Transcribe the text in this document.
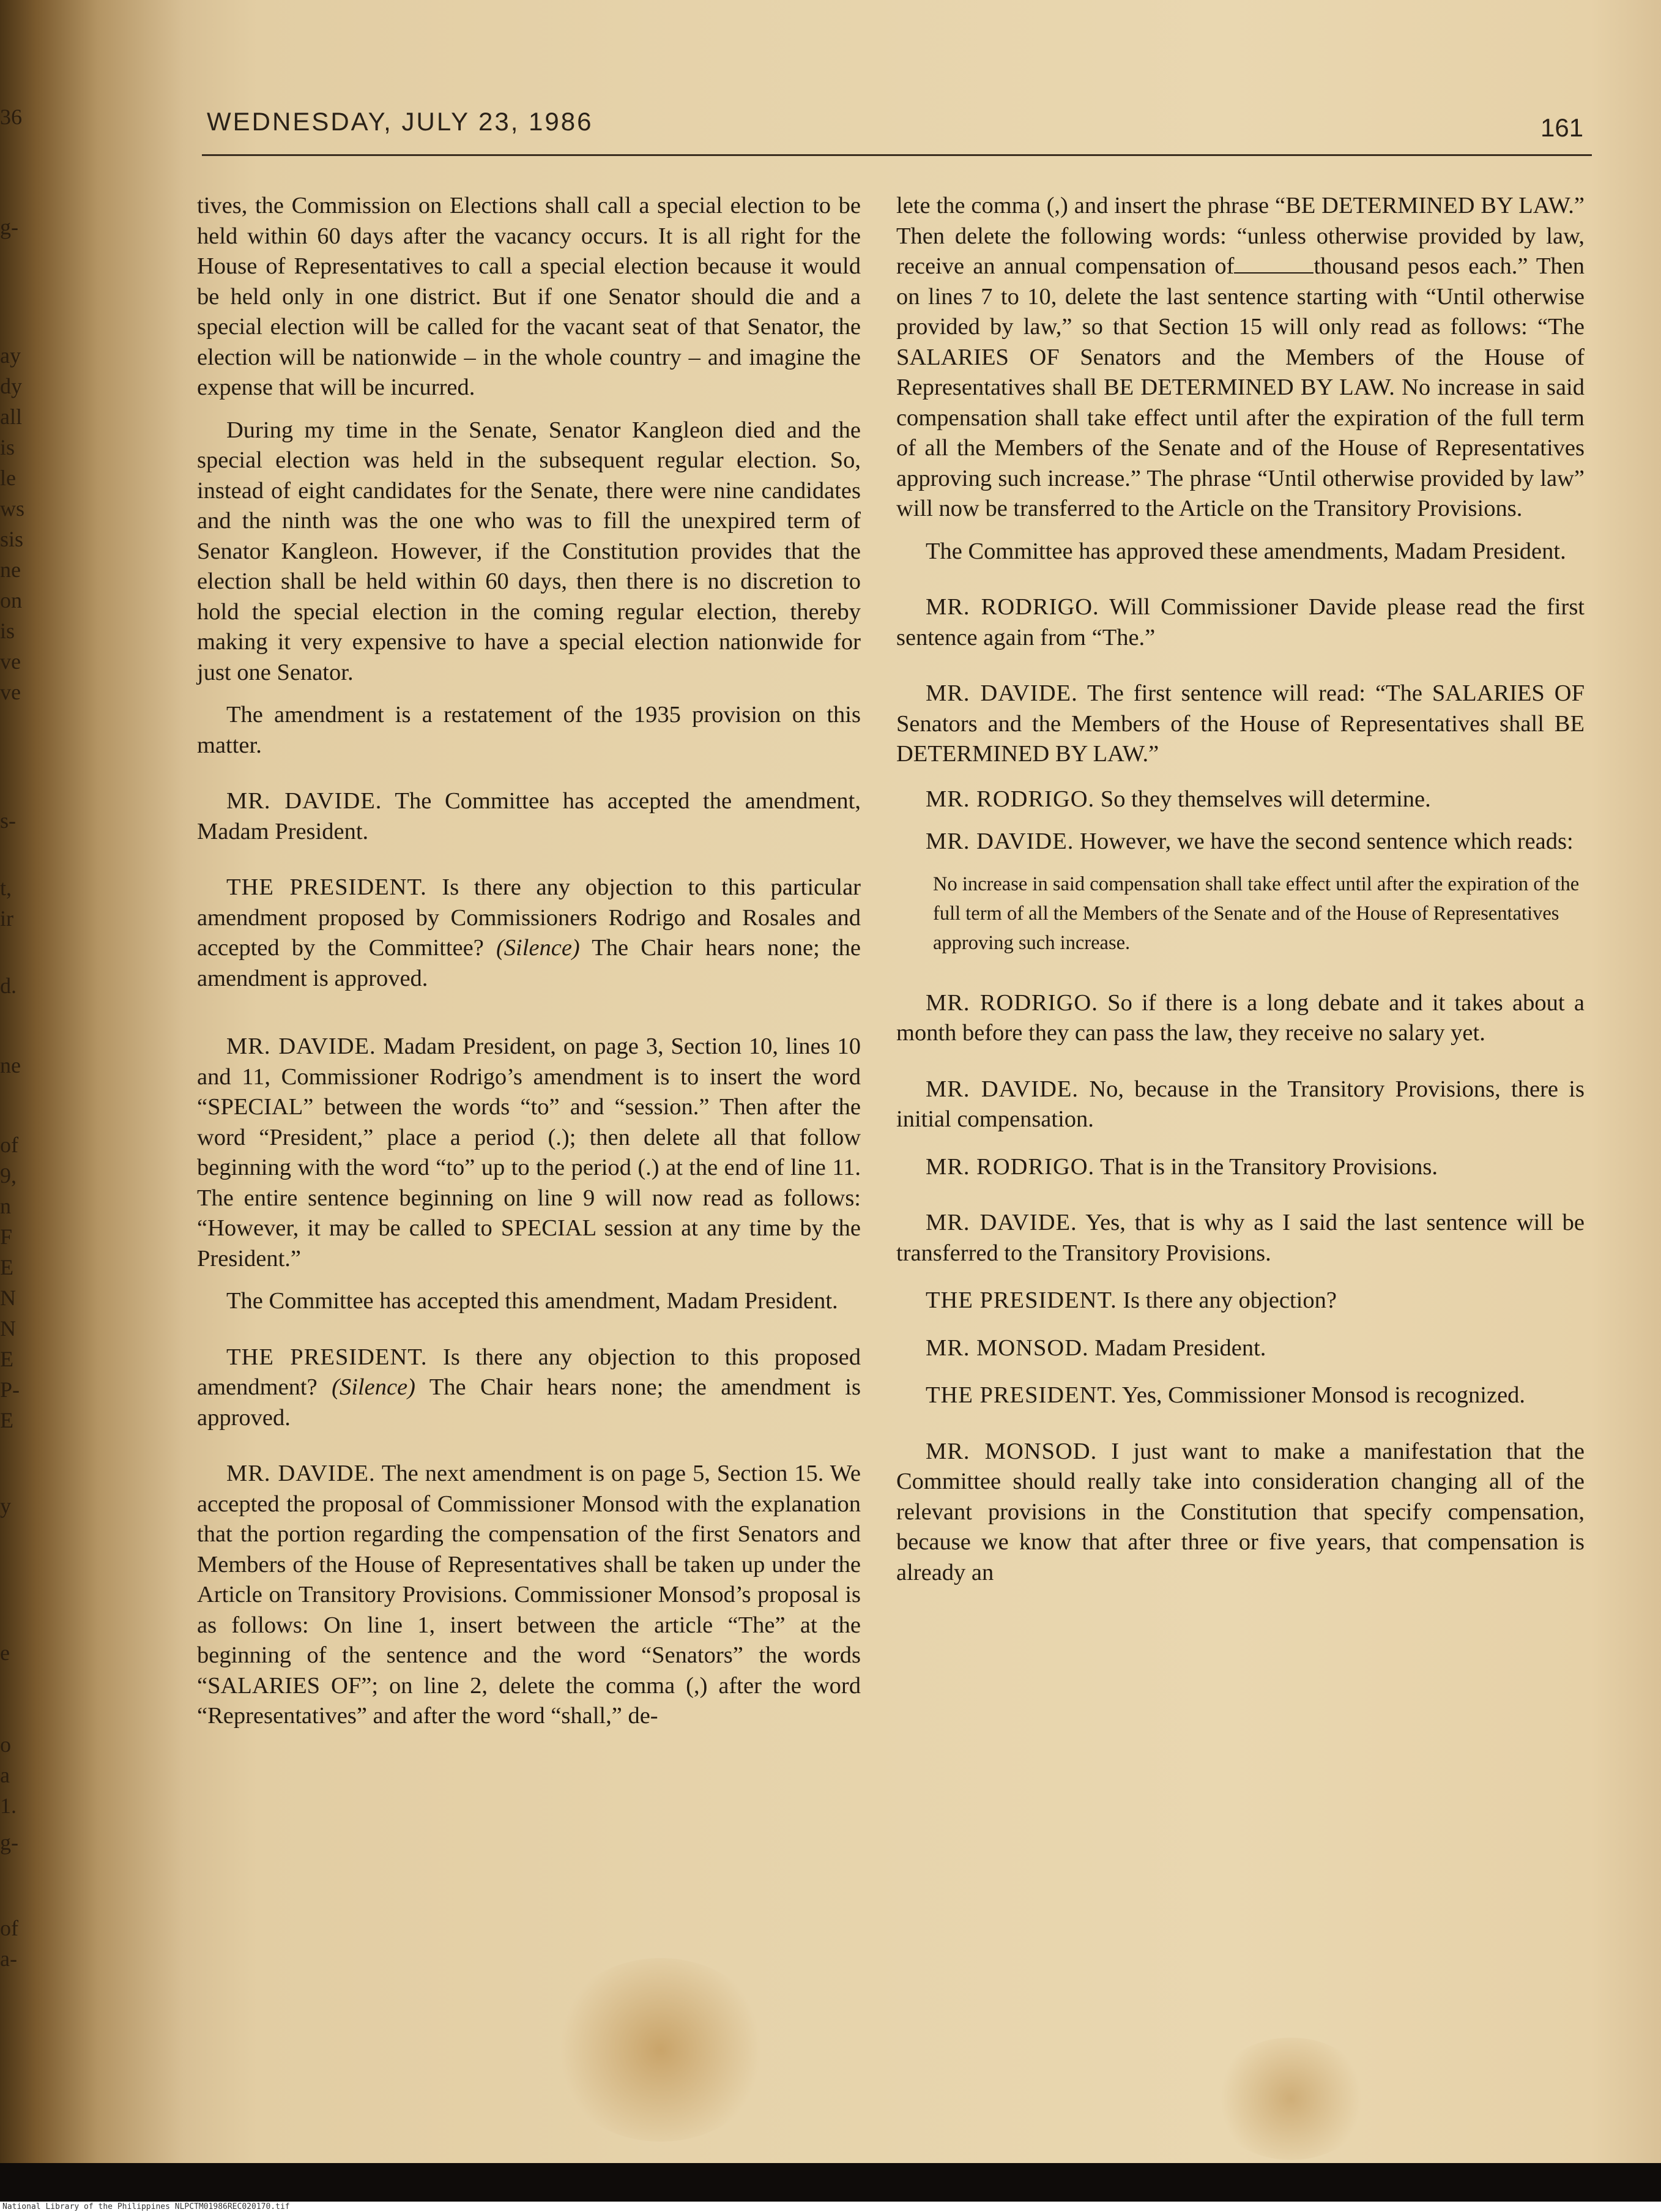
36
g-
ay
dy
all
is
le
ws
sis
ne
on
is
ve
ve
s-
t,
ir
d.
ne
of
9,
n
F
E
N
N
E
P-
E
y
e
o
a
1.
g-
of
a-
WEDNESDAY, JULY 23, 1986	161

tives, the Commission on Elections shall call a special election to be held within 60 days after the vacancy occurs. It is all right for the House of Representatives to call a special election because it would be held only in one district. But if one Senator should die and a special election will be called for the vacant seat of that Senator, the election will be nationwide – in the whole country – and imagine the expense that will be incurred.

During my time in the Senate, Senator Kangleon died and the special election was held in the subsequent regular election. So, instead of eight candidates for the Senate, there were nine candidates and the ninth was the one who was to fill the unexpired term of Senator Kangleon. However, if the Constitution provides that the election shall be held within 60 days, then there is no discretion to hold the special election in the coming regular election, thereby making it very expensive to have a special election nationwide for just one Senator.

The amendment is a restatement of the 1935 provision on this matter.

MR. DAVIDE. The Committee has accepted the amendment, Madam President.

THE PRESIDENT. Is there any objection to this particular amendment proposed by Commissioners Rodrigo and Rosales and accepted by the Committee? (Silence) The Chair hears none; the amendment is approved.

MR. DAVIDE. Madam President, on page 3, Section 10, lines 10 and 11, Commissioner Rodrigo’s amendment is to insert the word “SPECIAL” between the words “to” and “session.” Then after the word “President,” place a period (.); then delete all that follow beginning with the word “to” up to the period (.) at the end of line 11. The entire sentence beginning on line 9 will now read as follows: “However, it may be called to SPECIAL session at any time by the President.”

The Committee has accepted this amendment, Madam President.

THE PRESIDENT. Is there any objection to this proposed amendment? (Silence) The Chair hears none; the amendment is approved.

MR. DAVIDE. The next amendment is on page 5, Section 15. We accepted the proposal of Commissioner Monsod with the explanation that the portion regarding the compensation of the first Senators and Members of the House of Representatives shall be taken up under the Article on Transitory Provisions. Commissioner Monsod’s proposal is as follows: On line 1, insert between the article “The” at the beginning of the sentence and the word “Senators” the words “SALARIES OF”; on line 2, delete the comma (,) after the word “Representatives” and after the word “shall,” de-

lete the comma (,) and insert the phrase “BE DETERMINED BY LAW.” Then delete the following words: “unless otherwise provided by law, receive an annual compensation of	thousand pesos each.” Then on lines 7 to 10, delete the last sentence starting with “Until otherwise provided by law,” so that Section 15 will only read as follows: “The SALARIES OF Senators and the Members of the House of Representatives shall BE DETERMINED BY LAW. No increase in said compensation shall take effect until after the expiration of the full term of all the Members of the Senate and of the House of Representatives approving such increase.” The phrase “Until otherwise provided by law” will now be transferred to the Article on the Transitory Provisions.

The Committee has approved these amendments, Madam President.

MR. RODRIGO. Will Commissioner Davide please read the first sentence again from “The.”

MR. DAVIDE. The first sentence will read: “The SALARIES OF Senators and the Members of the House of Representatives shall BE DETERMINED BY LAW.”

MR. RODRIGO. So they themselves will determine.

MR. DAVIDE. However, we have the second sentence which reads:

No increase in said compensation shall take effect until after the expiration of the full term of all the Members of the Senate and of the House of Representatives approving such increase.

MR. RODRIGO. So if there is a long debate and it takes about a month before they can pass the law, they receive no salary yet.

MR. DAVIDE. No, because in the Transitory Provisions, there is initial compensation.

MR. RODRIGO. That is in the Transitory Provisions.

MR. DAVIDE. Yes, that is why as I said the last sentence will be transferred to the Transitory Provisions.

THE PRESIDENT. Is there any objection?

MR. MONSOD. Madam President.

THE PRESIDENT. Yes, Commissioner Monsod is recognized.

MR. MONSOD. I just want to make a manifestation that the Committee should really take into consideration changing all of the relevant provisions in the Constitution that specify compensation, because we know that after three or five years, that compensation is already an

National Library of the Philippines NLPCTM01986REC020170.tif
